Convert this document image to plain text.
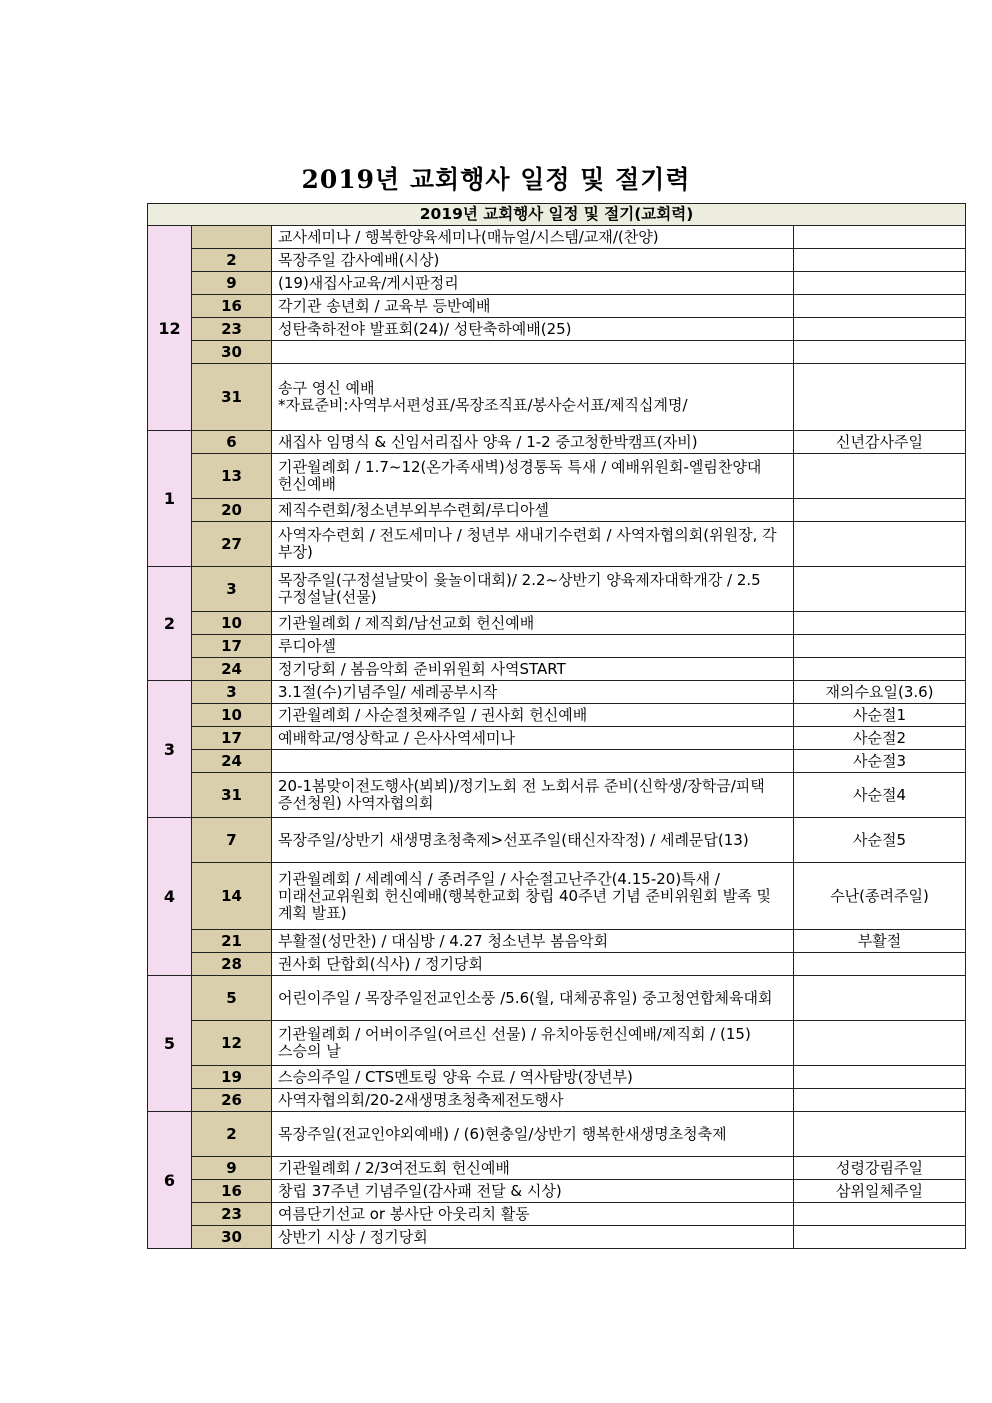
2019년 교회행사 일정 및 절기력
2019년 교회행사 일정 및 절기(교회력)			
12		교사세미나 / 행복한양육세미나(매뉴얼/시스템/교재/(찬양)	
	2	목장주일 감사예배(시상)	
	9	(19)새집사교육/게시판정리	
	16	각기관 송년회 / 교육부 등반예배	
	23	성탄축하전야 발표회(24)/ 성탄축하예배(25)	
	30		
	31	송구 영신 예배
*자료준비:사역부서편성표/목장조직표/봉사순서표/제직십계명/	
1	6	새집사 임명식 & 신임서리집사 양육 / 1-2 중고청한박캠프(자비)	신년감사주일
	13	기관월례회 / 1.7~12(온가족새벽)성경통독 특새 / 예배위원회-엘림찬양대 헌신예배	
	20	제직수련회/청소년부외부수련회/루디아셀	
	27	사역자수련회 / 전도세미나 / 청년부 새내기수련회 / 사역자협의회(위원장, 각 부장)	
2	3	목장주일(구정설날맞이 윷놀이대회)/ 2.2~상반기 양육제자대학개강 / 2.5 구정설날(선물)	
	10	기관월례회 / 제직회/남선교회 헌신예배	
	17	루디아셀	
	24	정기당회 / 봄음악회 준비위원회 사역START	
3	3	3.1절(수)기념주일/ 세례공부시작	재의수요일(3.6)
	10	기관월례회 / 사순절첫째주일 / 권사회 헌신예배	사순절1
	17	예배학교/영상학교 / 은사사역세미나	사순절2
	24		사순절3
	31	20-1봄맞이전도행사(뵈뵈)/정기노회 전 노회서류 준비(신학생/장학금/피택 증선청원) 사역자협의회	사순절4
4	7	목장주일/상반기 새생명초청축제>선포주일(태신자작정) / 세례문답(13)	사순절5
	14	기관월례회 / 세례예식 / 종려주일 / 사순절고난주간(4.15-20)특새 / 미래선교위원회 헌신예배(행복한교회 창립 40주년 기념 준비위원회 발족 및 계획 발표)	수난(종려주일)
	21	부활절(성만찬) / 대심방 / 4.27 청소년부 봄음악회	부활절
	28	권사회 단합회(식사) / 정기당회	
5	5	어린이주일 / 목장주일전교인소풍 /5.6(월, 대체공휴일) 중고청연합체육대회	
	12	기관월례회 / 어버이주일(어르신 선물) / 유치아동헌신예배/제직회 / (15)스승의 날	
	19	스승의주일 / CTS멘토링 양육 수료 / 역사탐방(장년부)	
	26	사역자협의회/20-2새생명초청축제전도행사	
6	2	목장주일(전교인야외예배) / (6)현충일/상반기 행복한새생명초청축제	
	9	기관월례회 / 2/3여전도회 헌신예배	성령강림주일
	16	창립 37주년 기념주일(감사패 전달 & 시상)	삼위일체주일
	23	여름단기선교 or 봉사단 아웃리치 활동	
	30	상반기 시상 / 정기당회	
